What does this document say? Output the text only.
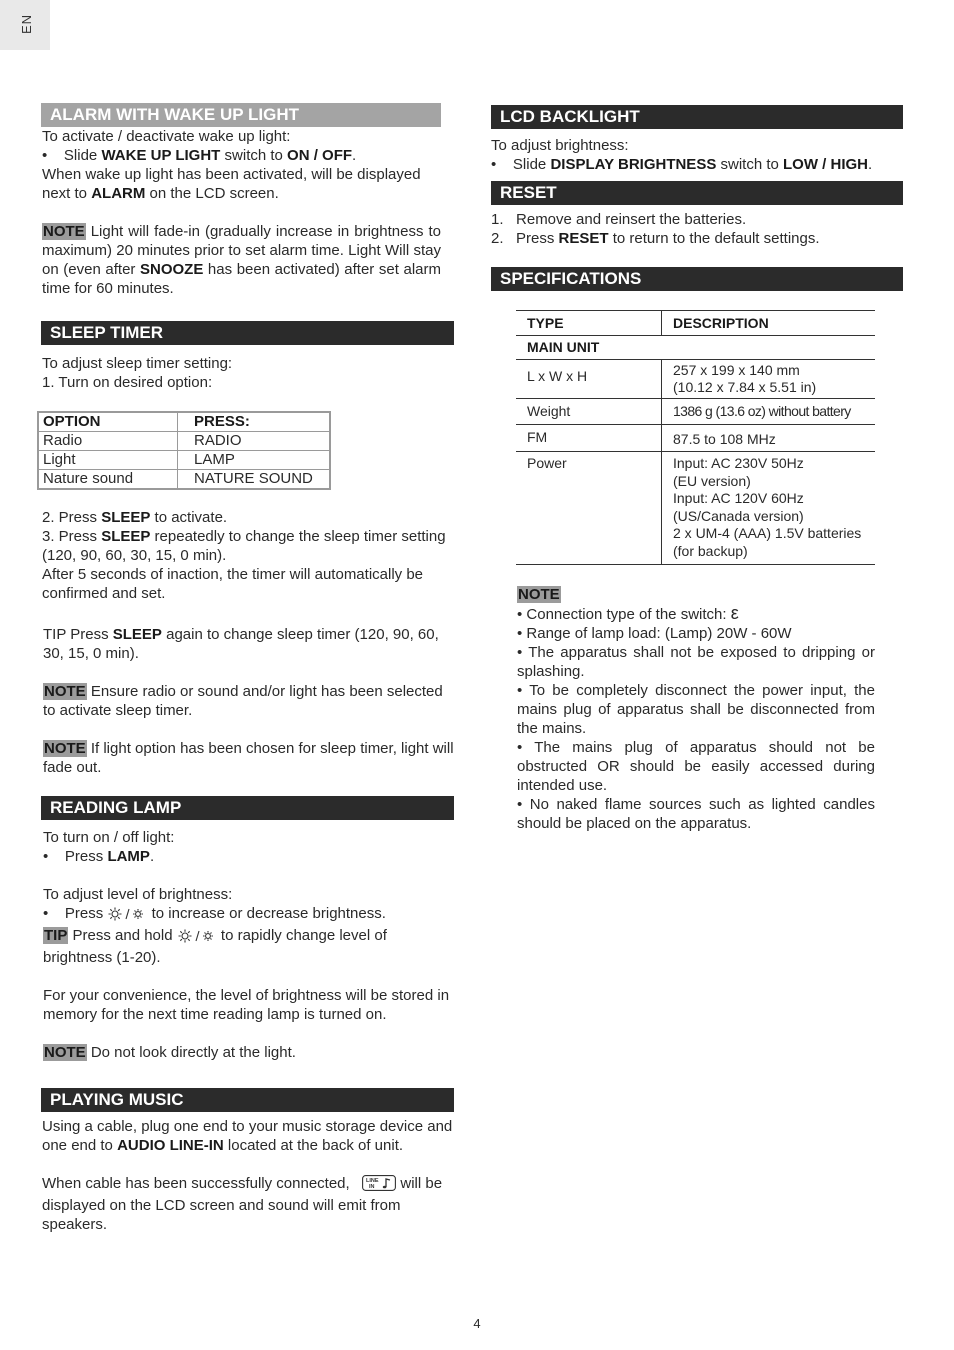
EN
ALARM WITH WAKE UP LIGHT

To activate / deactivate wake up light:

•    Slide WAKE UP LIGHT switch to ON / OFF.

When wake up light has been activated, will be displayed

next to ALARM on the LCD screen.

NOTE Light will fade-in (gradually increase in brightness to maximum) 20 minutes prior to set alarm time. Light Will stay on (even after SNOOZE has been activated) after set alarm time for 60 minutes.

SLEEP TIMER

To adjust sleep timer setting:

1. Turn on desired option:

OPTION	PRESS:
Radio	RADIO
Light	LAMP
Nature sound	NATURE SOUND

2. Press SLEEP to activate.

3. Press SLEEP repeatedly to change the sleep timer setting (120, 90, 60, 30, 15, 0 min).

After 5 seconds of inaction, the timer will automatically be confirmed and set.

TIP Press SLEEP again to change sleep timer (120, 90, 60, 30, 15, 0 min).

NOTE Ensure radio or sound and/or light has been selected to activate sleep timer.

NOTE If light option has been chosen for sleep timer, light will fade out.

READING LAMP

To turn on / off light:

•    Press LAMP.

To adjust level of brightness:

•    Press	to increase or decrease brightness.

TIP Press and hold	to rapidly change level of brightness (1-20).

For your convenience, the level of brightness will be stored in memory for the next time reading lamp is turned on.

NOTE Do not look directly at the light.

PLAYING MUSIC

Using a cable, plug one end to your music storage device and one end to AUDIO LINE-IN located at the back of unit.

When cable has been successfully connected, LINE
IN will be displayed on the LCD screen and sound will emit from speakers.

LCD BACKLIGHT

To adjust brightness:

•    Slide DISPLAY BRIGHTNESS switch to LOW / HIGH.

RESET

1.   Remove and reinsert the batteries.

2.   Press RESET to return to the default settings.

SPECIFICATIONS
TYPE	DESCRIPTION
MAIN UNIT
L x W x H	257 x 199 x 140 mm
(10.12 x 7.84 x 5.51 in)
Weight	1386 g (13.6 oz) without battery
FM	87.5 to 108 MHz
Power	Input: AC 230V 50Hz
(EU version)
Input: AC 120V 60Hz
(US/Canada version)
2 x UM-4 (AAA) 1.5V batteries
(for backup)

NOTE

• Connection type of the switch: ε

• Range of lamp load: (Lamp) 20W - 60W

• The apparatus shall not be exposed to dripping or splashing.

• To be completely disconnect the power input, the mains plug of apparatus shall be disconnected from the mains.

• The mains plug of apparatus should not be obstructed OR should be easily accessed during intended use.

• No naked flame sources such as lighted candles should be placed on the apparatus.

4
